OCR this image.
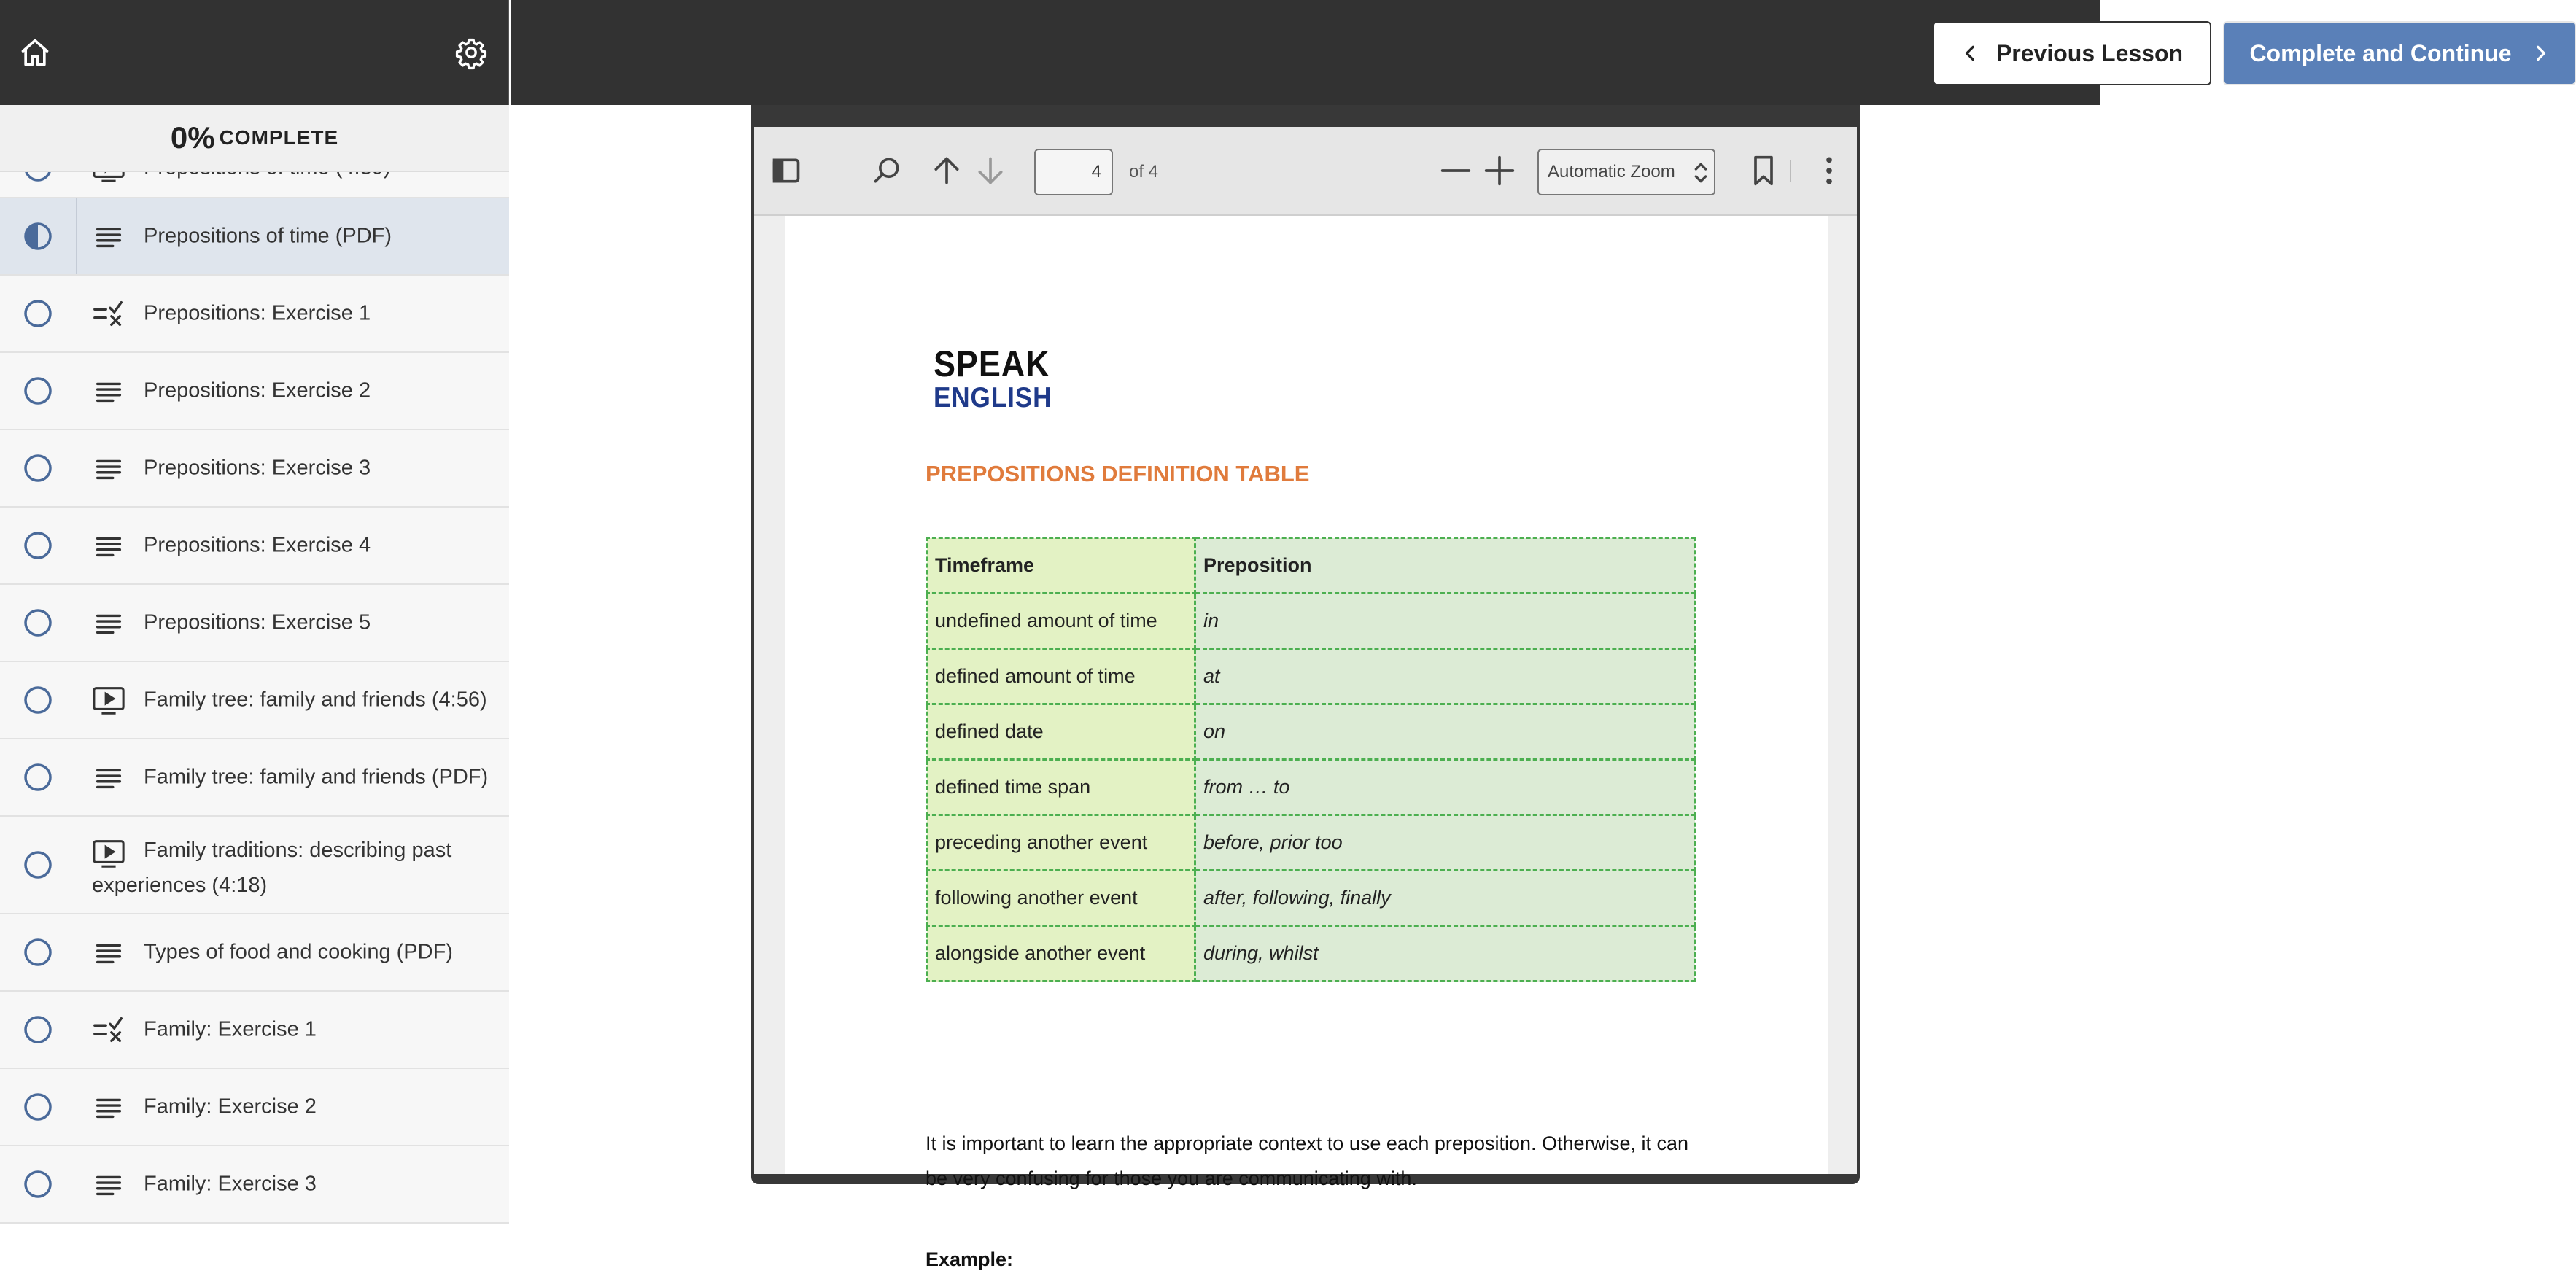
Prepositions of time (PDF)
Prepositions: Exercise 1
Prepositions: Exercise 2
Prepositions: Exercise 3
Prepositions: Exercise 4
Prepositions: Exercise 5
Family tree: family and friends (4:56)
Family tree: family and friends (PDF)
Family traditions: describing past experiences (4:18)
Types of food and cooking (PDF)
Family: Exercise 1
Family: Exercise 2
Family: Exercise 3
0% COMPLETE
Previous Lesson	Complete and Continue
4	of 4	Automatic Zoom
SPEAK
ENGLISH
PREPOSITIONS DEFINITION TABLE
Timeframe	Preposition
undefined amount of time	in
defined amount of time	at
defined date	on
defined time span	from … to
preceding another event	before, prior too
following another event	after, following, finally
alongside another event	during, whilst
It is important to learn the appropriate context to use each preposition. Otherwise, it can be very confusing for those you are communicating with.
Example:
